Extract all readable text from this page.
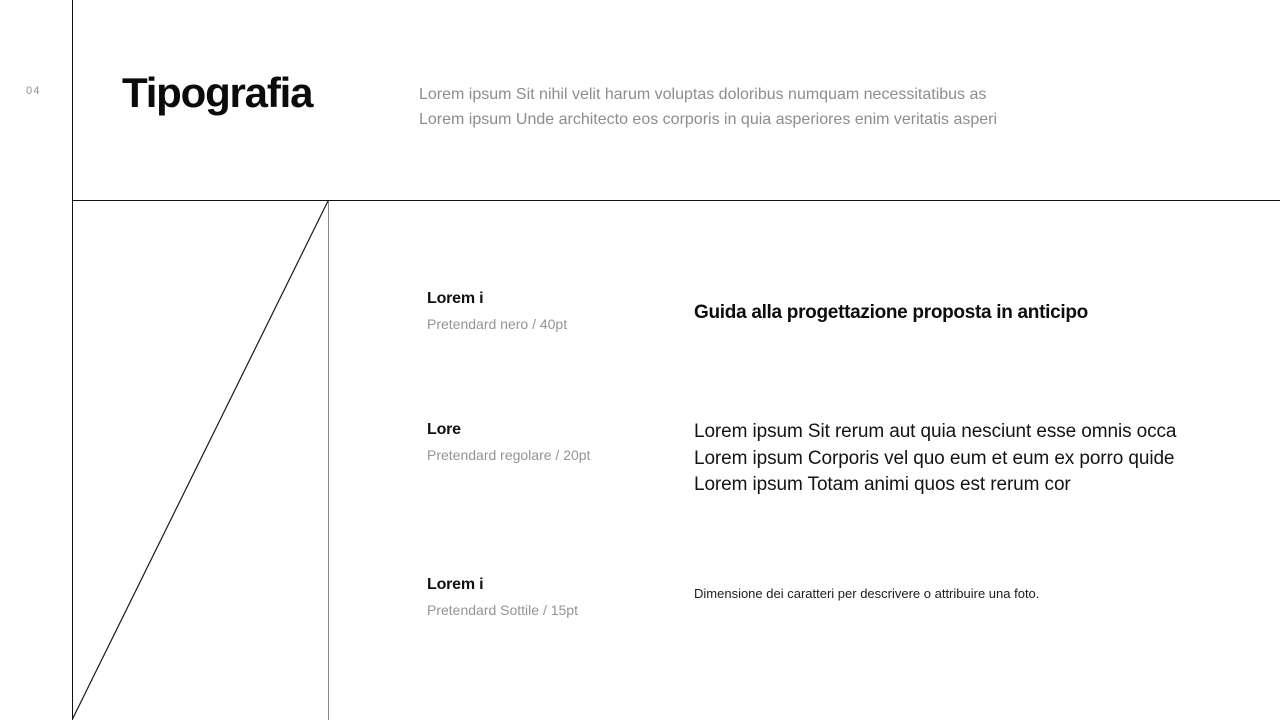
04 Tipografia	Lorem ipsum Sit nihil velit harum voluptas doloribus numquam necessitatibus as
Lorem ipsum Unde architecto eos corporis in quia asperiores enim veritatis asperi
Lorem i
Pretendard nero / 40pt
Guida alla progettazione proposta in anticipo
Lore
Pretendard regolare / 20pt
Lorem ipsum Sit rerum aut quia nesciunt esse omnis occa
Lorem ipsum Corporis vel quo eum et eum ex porro quide
Lorem ipsum Totam animi quos est rerum cor
Lorem i
Pretendard Sottile / 15pt
Dimensione dei caratteri per descrivere o attribuire una foto.
